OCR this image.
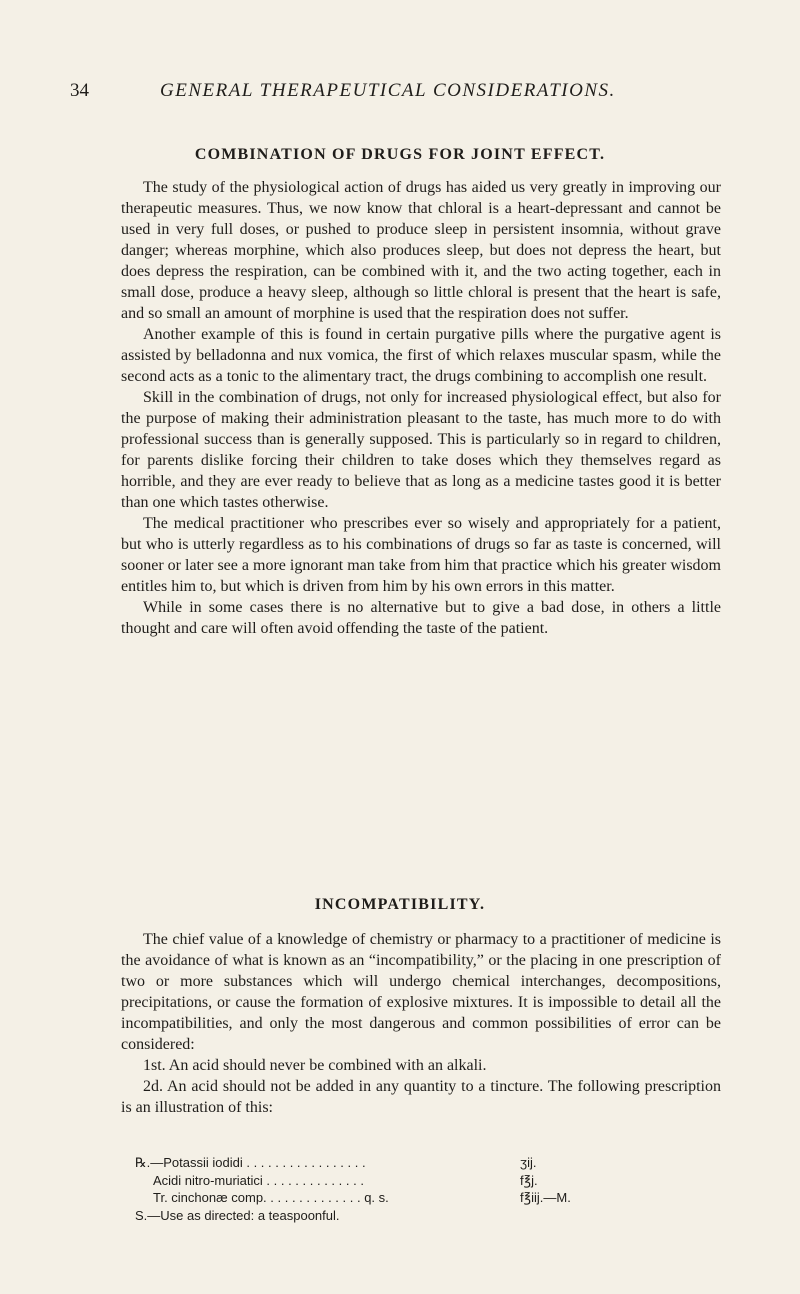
34	GENERAL THERAPEUTICAL CONSIDERATIONS.
COMBINATION OF DRUGS FOR JOINT EFFECT.

The study of the physiological action of drugs has aided us very greatly in improving our therapeutic measures. Thus, we now know that chloral is a heart-depressant and cannot be used in very full doses, or pushed to produce sleep in persistent insomnia, without grave danger; whereas morphine, which also produces sleep, but does not depress the heart, but does depress the respiration, can be combined with it, and the two acting together, each in small dose, produce a heavy sleep, although so little chloral is present that the heart is safe, and so small an amount of morphine is used that the respiration does not suffer.

Another example of this is found in certain purgative pills where the purgative agent is assisted by belladonna and nux vomica, the first of which relaxes muscular spasm, while the second acts as a tonic to the alimentary tract, the drugs combining to accomplish one result.

Skill in the combination of drugs, not only for increased physiological effect, but also for the purpose of making their administration pleasant to the taste, has much more to do with professional success than is generally supposed. This is particularly so in regard to children, for parents dislike forcing their children to take doses which they themselves regard as horrible, and they are ever ready to believe that as long as a medicine tastes good it is better than one which tastes otherwise.

The medical practitioner who prescribes ever so wisely and appropriately for a patient, but who is utterly regardless as to his combinations of drugs so far as taste is concerned, will sooner or later see a more ignorant man take from him that practice which his greater wisdom entitles him to, but which is driven from him by his own errors in this matter.

While in some cases there is no alternative but to give a bad dose, in others a little thought and care will often avoid offending the taste of the patient.

INCOMPATIBILITY.

The chief value of a knowledge of chemistry or pharmacy to a practitioner of medicine is the avoidance of what is known as an “incompatibility,” or the placing in one prescription of two or more substances which will undergo chemical interchanges, decompositions, precipitations, or cause the formation of explosive mixtures. It is impossible to detail all the incompatibilities, and only the most dangerous and common possibilities of error can be considered:

1st. An acid should never be combined with an alkali.

2d. An acid should not be added in any quantity to a tincture. The following prescription is an illustration of this:

℞.—Potassii iodidi . . . . . . . . . . . . . . . . .	ʒij.
Acidi nitro-muriatici . . . . . . . . . . . . . .	f℥j.
Tr. cinchonæ comp. . . . . . . . . . . . . . q. s.	f℥iij.—M.
S.—Use as directed: a teaspoonful.
